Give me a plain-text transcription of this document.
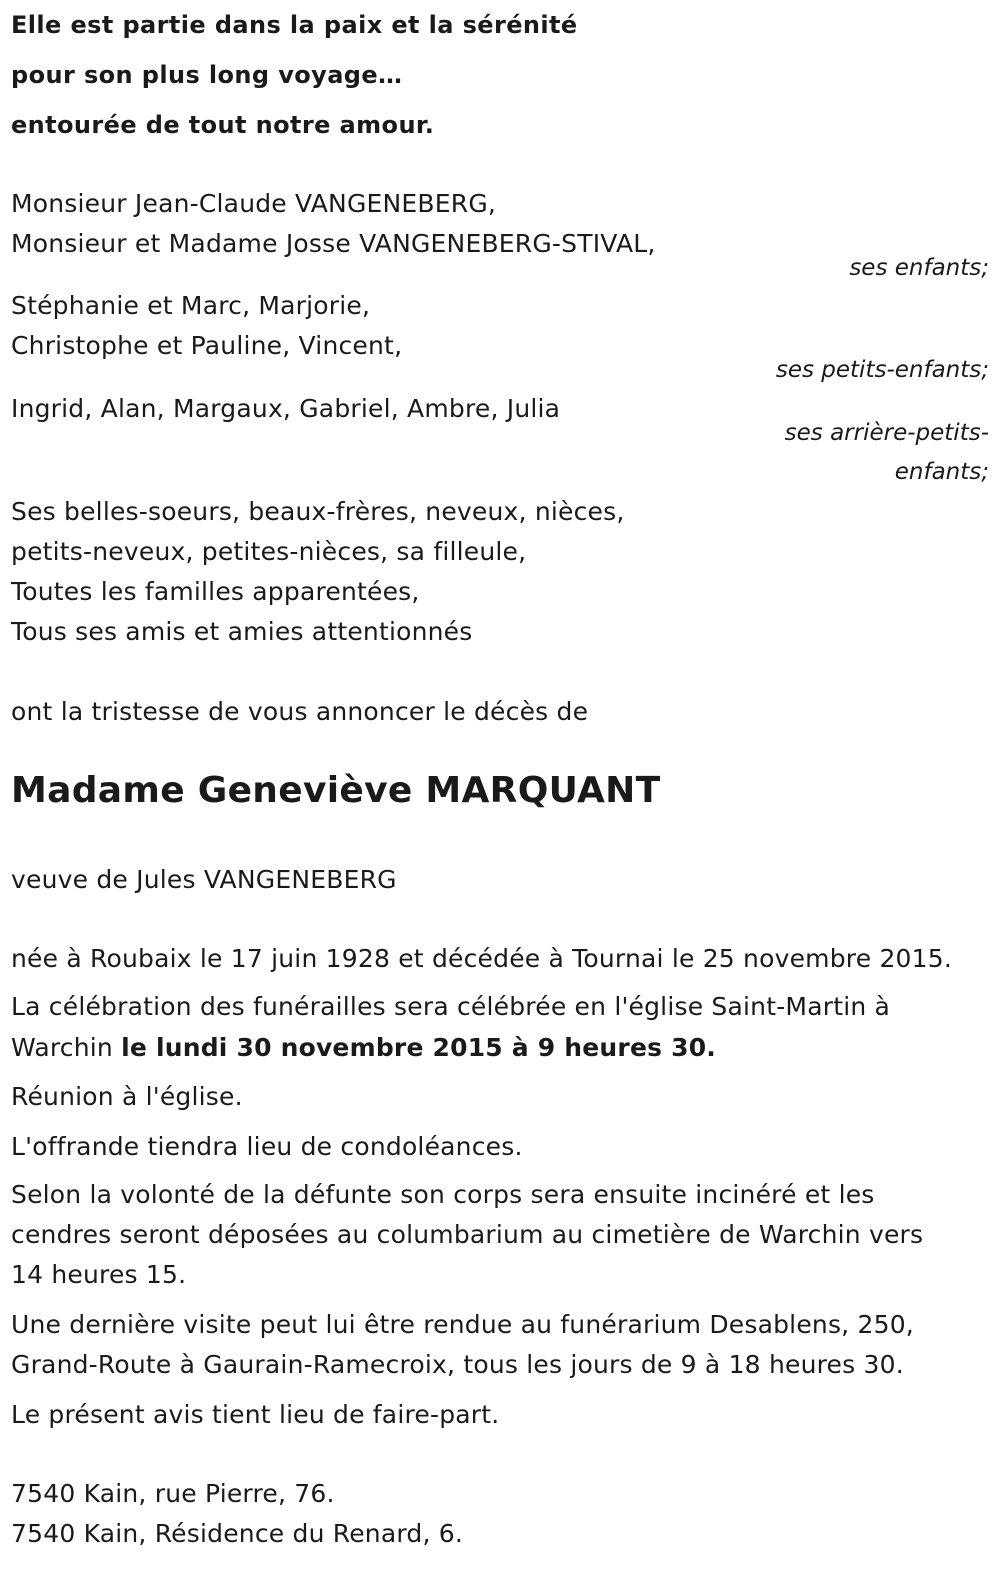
Elle est partie dans la paix et la sérénité
pour son plus long voyage…
entourée de tout notre amour.
Monsieur Jean-Claude VANGENEBERG,
Monsieur et Madame Josse VANGENEBERG-STIVAL,
ses enfants;
Stéphanie et Marc, Marjorie,
Christophe et Pauline, Vincent,
ses petits-enfants;
Ingrid, Alan, Margaux, Gabriel, Ambre, Julia
ses arrière-petits-
enfants;
Ses belles-soeurs, beaux-frères, neveux, nièces,
petits-neveux, petites-nièces, sa filleule,
Toutes les familles apparentées,
Tous ses amis et amies attentionnés
ont la tristesse de vous annoncer le décès de
Madame Geneviève MARQUANT
veuve de Jules VANGENEBERG
née à Roubaix le 17 juin 1928 et décédée à Tournai le 25 novembre 2015.
La célébration des funérailles sera célébrée en l'église Saint-Martin à
Warchin le lundi 30 novembre 2015 à 9 heures 30.
Réunion à l'église.
L'offrande tiendra lieu de condoléances.
Selon la volonté de la défunte son corps sera ensuite incinéré et les
cendres seront déposées au columbarium au cimetière de Warchin vers
14 heures 15.
Une dernière visite peut lui être rendue au funérarium Desablens, 250,
Grand-Route à Gaurain-Ramecroix, tous les jours de 9 à 18 heures 30.
Le présent avis tient lieu de faire-part.
7540 Kain, rue Pierre, 76.
7540 Kain, Résidence du Renard, 6.
